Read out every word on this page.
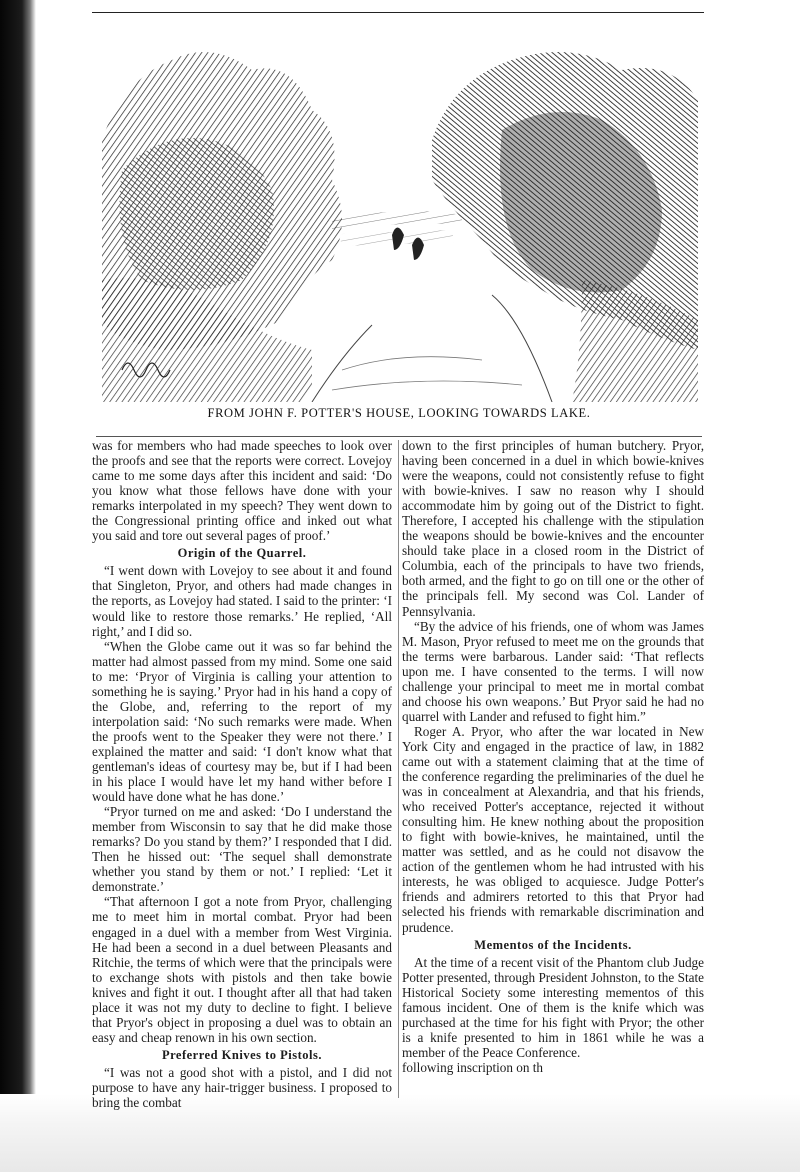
FROM JOHN F. POTTER'S HOUSE, LOOKING TOWARDS LAKE.

was for members who had made speeches to look over the proofs and see that the reports were correct. Lovejoy came to me some days after this incident and said: ‘Do you know what those fellows have done with your remarks interpolated in my speech? They went down to the Congressional printing office and inked out what you said and tore out several pages of proof.’

Origin of the Quarrel.

“I went down with Lovejoy to see about it and found that Singleton, Pryor, and others had made changes in the reports, as Lovejoy had stated. I said to the printer: ‘I would like to restore those remarks.’ He replied, ‘All right,’ and I did so.

“When the Globe came out it was so far behind the matter had almost passed from my mind. Some one said to me: ‘Pryor of Virginia is calling your attention to something he is saying.’ Pryor had in his hand a copy of the Globe, and, referring to the report of my interpolation said: ‘No such remarks were made. When the proofs went to the Speaker they were not there.’ I explained the matter and said: ‘I don't know what that gentleman's ideas of courtesy may be, but if I had been in his place I would have let my hand wither before I would have done what he has done.’

“Pryor turned on me and asked: ‘Do I understand the member from Wisconsin to say that he did make those remarks? Do you stand by them?’ I responded that I did. Then he hissed out: ‘The sequel shall demonstrate whether you stand by them or not.’ I replied: ‘Let it demonstrate.’

“That afternoon I got a note from Pryor, challenging me to meet him in mortal combat. Pryor had been engaged in a duel with a member from West Virginia. He had been a second in a duel between Pleasants and Ritchie, the terms of which were that the principals were to exchange shots with pistols and then take bowie knives and fight it out. I thought after all that had taken place it was not my duty to decline to fight. I believe that Pryor's object in proposing a duel was to obtain an easy and cheap renown in his own section.

Preferred Knives to Pistols.

“I was not a good shot with a pistol, and I did not purpose to have any hair-trigger business. I proposed to bring the combat

down to the first principles of human butchery. Pryor, having been concerned in a duel in which bowie-knives were the weapons, could not consistently refuse to fight with bowie-knives. I saw no reason why I should accommodate him by going out of the District to fight. Therefore, I accepted his challenge with the stipulation the weapons should be bowie-knives and the encounter should take place in a closed room in the District of Columbia, each of the principals to have two friends, both armed, and the fight to go on till one or the other of the principals fell. My second was Col. Lander of Pennsylvania.

“By the advice of his friends, one of whom was James M. Mason, Pryor refused to meet me on the grounds that the terms were barbarous. Lander said: ‘That reflects upon me. I have consented to the terms. I will now challenge your principal to meet me in mortal combat and choose his own weapons.’ But Pryor said he had no quarrel with Lander and refused to fight him.”

Roger A. Pryor, who after the war located in New York City and engaged in the practice of law, in 1882 came out with a statement claiming that at the time of the conference regarding the preliminaries of the duel he was in concealment at Alexandria, and that his friends, who received Potter's acceptance, rejected it without consulting him. He knew nothing about the proposition to fight with bowie-knives, he maintained, until the matter was settled, and as he could not disavow the action of the gentlemen whom he had intrusted with his interests, he was obliged to acquiesce. Judge Potter's friends and admirers retorted to this that Pryor had selected his friends with remarkable discrimination and prudence.

Mementos of the Incidents.

At the time of a recent visit of the Phantom club Judge Potter presented, through President Johnston, to the State Historical Society some interesting mementos of this famous incident. One of them is the knife which was purchased at the time for his fight with Pryor; the other is a knife presented to him in 1861 while he was a member of the Peace Conference.

following inscription on th
